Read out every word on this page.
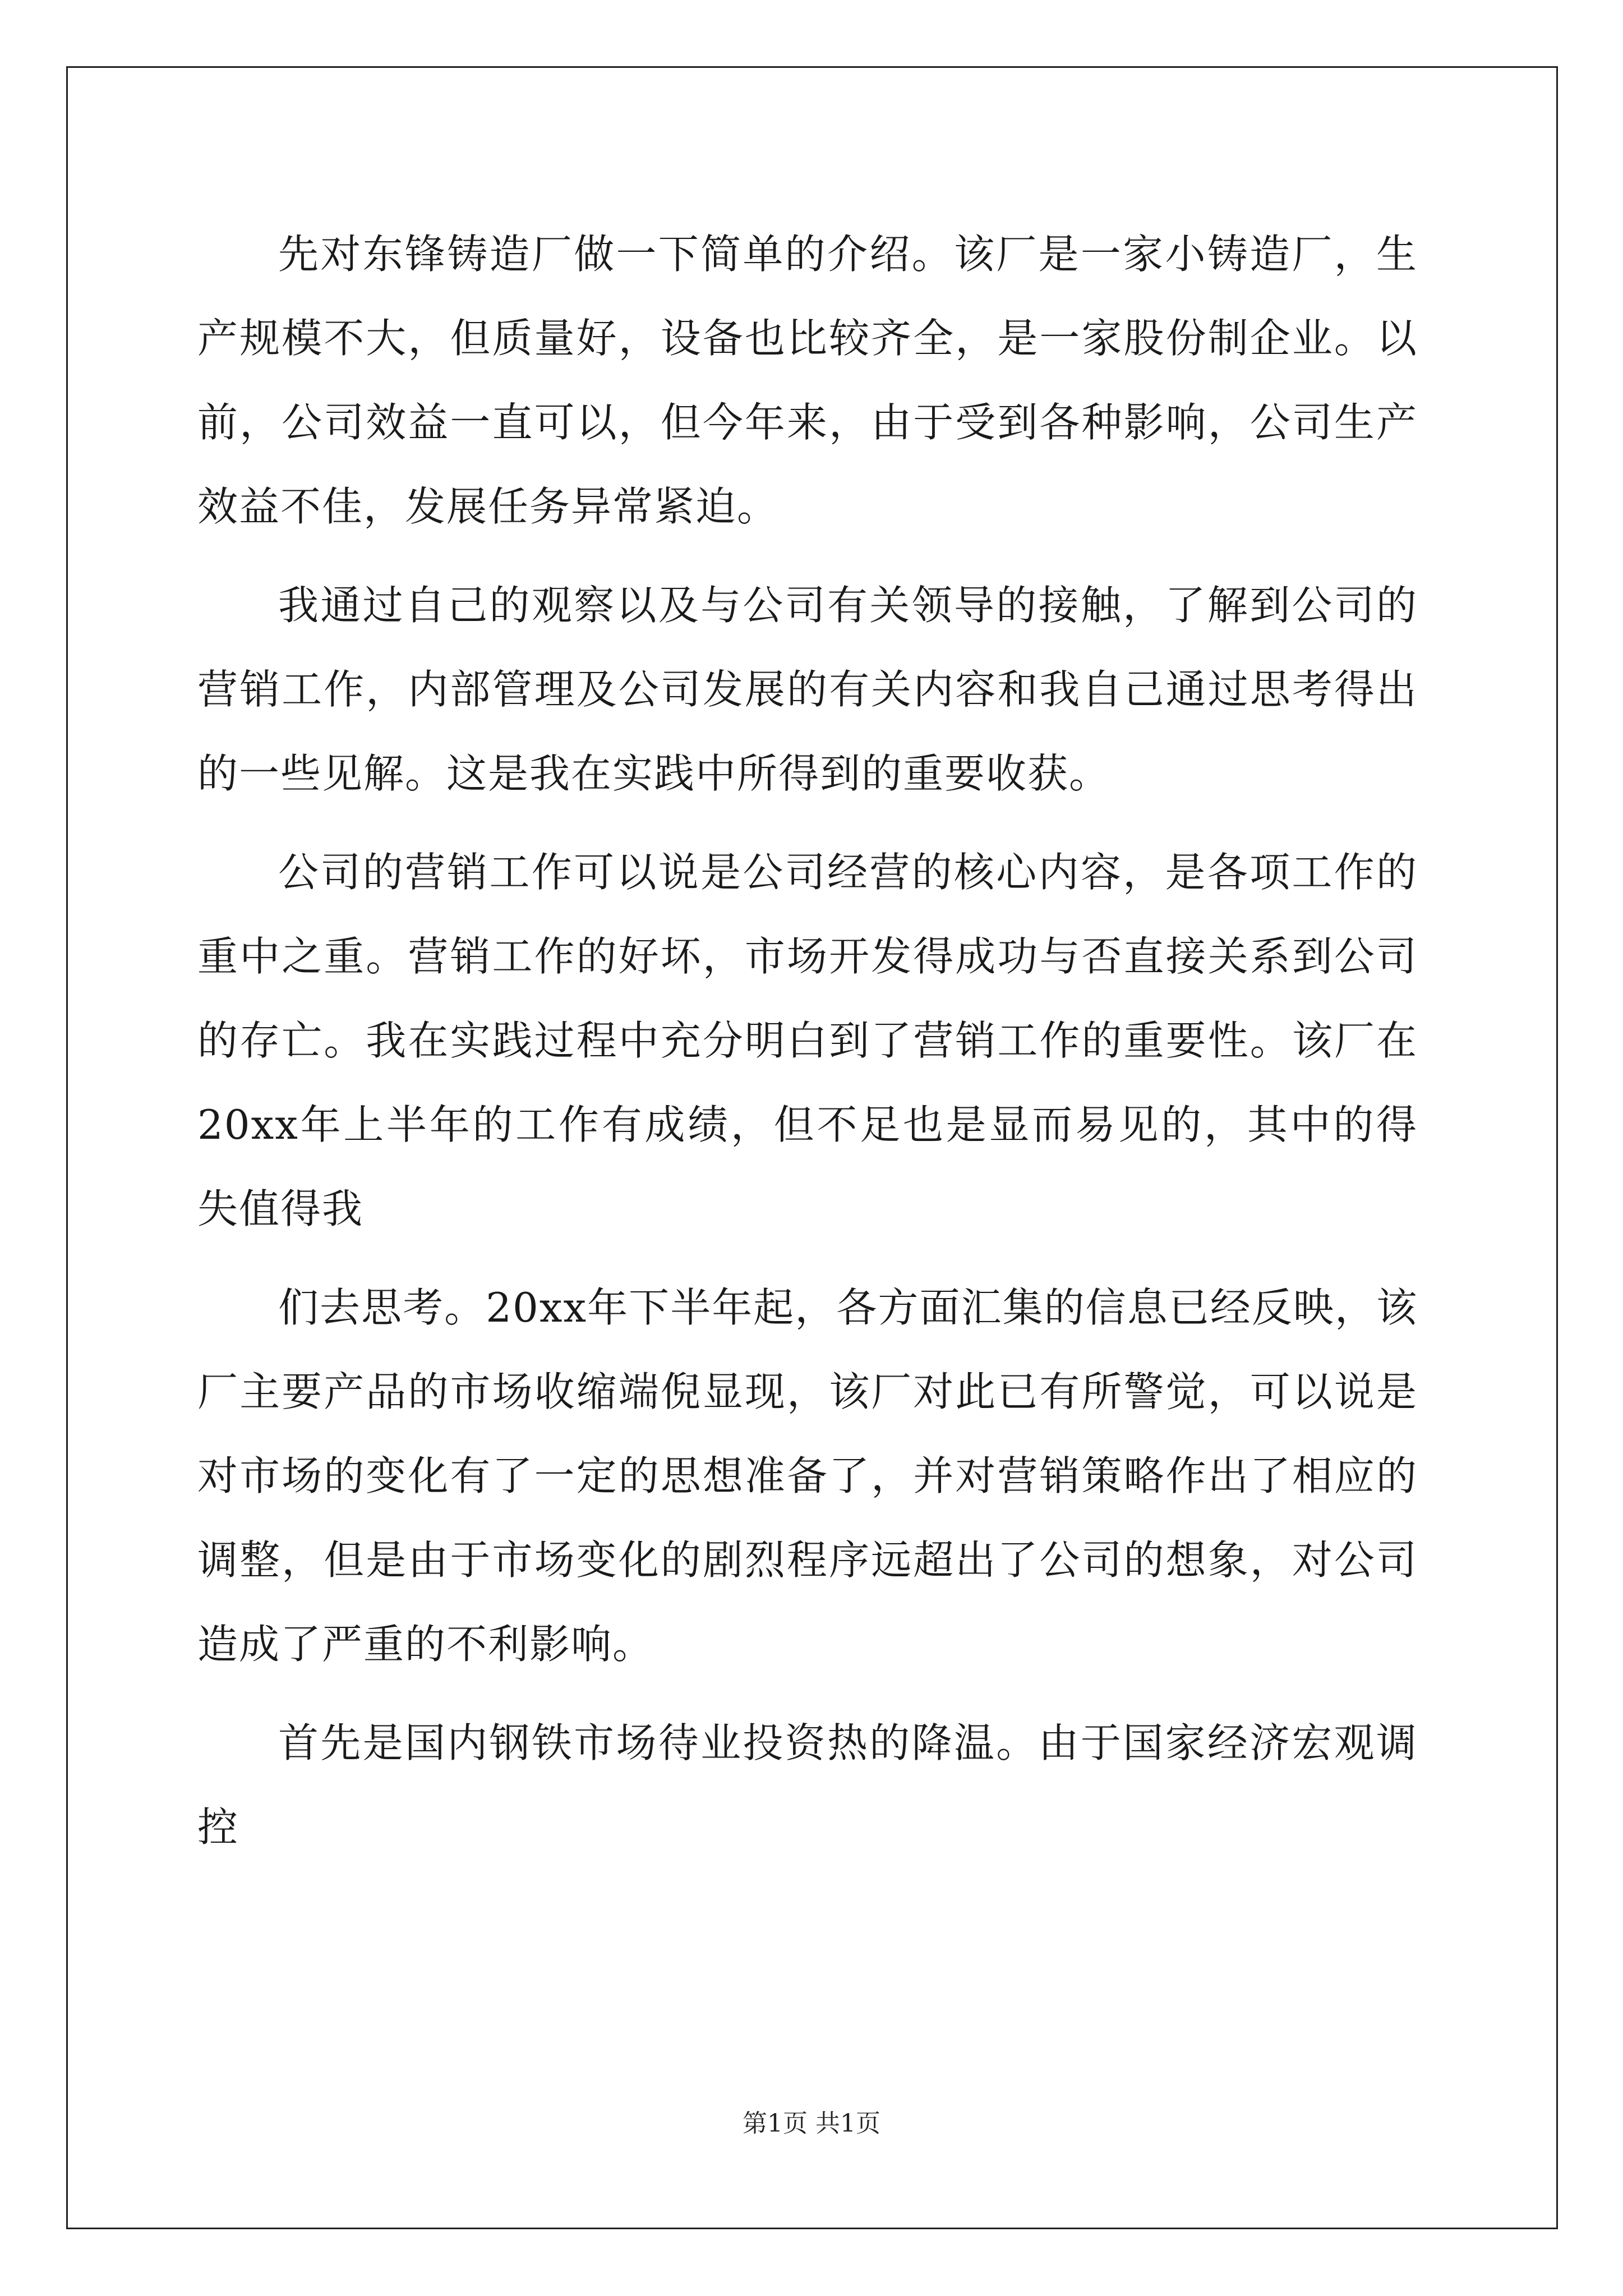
先对东锋铸造厂做一下简单的介绍。该厂是一家小铸造厂，生产规模不大，但质量好，设备也比较齐全，是一家股份制企业。以前，公司效益一直可以，但今年来，由于受到各种影响，公司生产效益不佳，发展任务异常紧迫。

我通过自己的观察以及与公司有关领导的接触，了解到公司的营销工作，内部管理及公司发展的有关内容和我自己通过思考得出的一些见解。这是我在实践中所得到的重要收获。

公司的营销工作可以说是公司经营的核心内容，是各项工作的重中之重。营销工作的好坏，市场开发得成功与否直接关系到公司的存亡。我在实践过程中充分明白到了营销工作的重要性。该厂在20xx年上半年的工作有成绩，但不足也是显而易见的，其中的得失值得我

们去思考。20xx年下半年起，各方面汇集的信息已经反映，该厂主要产品的市场收缩端倪显现，该厂对此已有所警觉，可以说是对市场的变化有了一定的思想准备了，并对营销策略作出了相应的调整，但是由于市场变化的剧烈程序远超出了公司的想象，对公司造成了严重的不利影响。

首先是国内钢铁市场待业投资热的降温。由于国家经济宏观调控

第1页 共1页
